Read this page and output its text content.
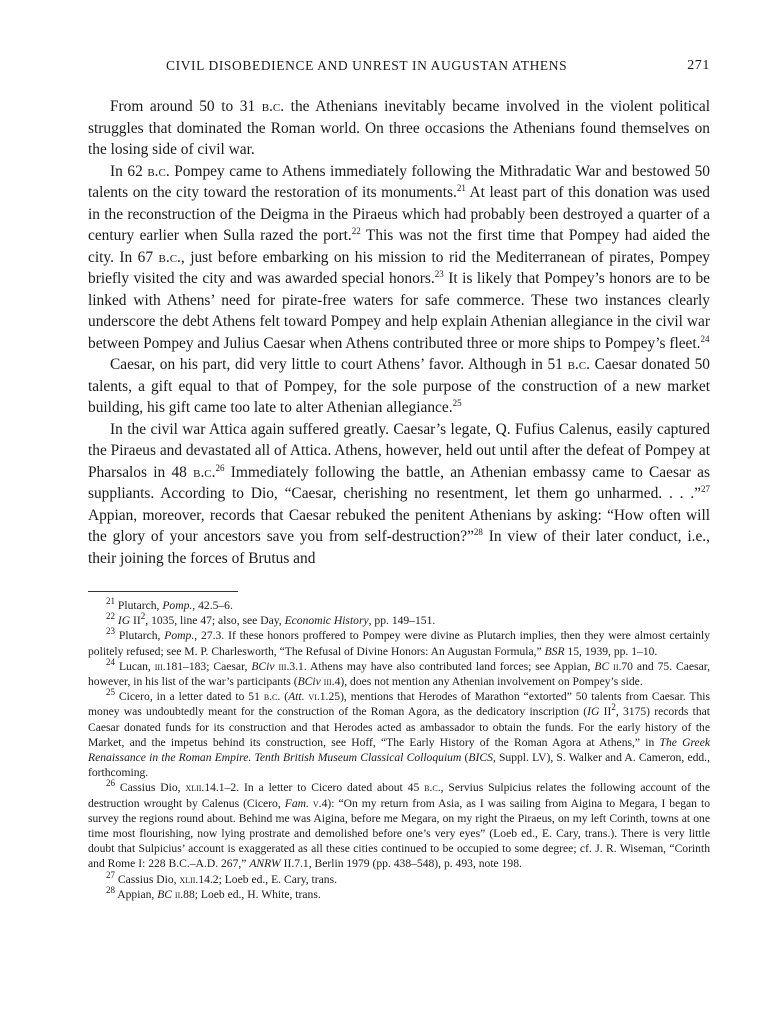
CIVIL DISOBEDIENCE AND UNREST IN AUGUSTAN ATHENS	271

From around 50 to 31 b.c. the Athenians inevitably became involved in the violent political struggles that dominated the Roman world. On three occasions the Athenians found themselves on the losing side of civil war.

In 62 b.c. Pompey came to Athens immediately following the Mithradatic War and bestowed 50 talents on the city toward the restoration of its monuments.$^{21}$ At least part of this donation was used in the reconstruction of the Deigma in the Piraeus which had probably been destroyed a quarter of a century earlier when Sulla razed the port.$^{22}$ This was not the first time that Pompey had aided the city. In 67 b.c., just before embarking on his mission to rid the Mediterranean of pirates, Pompey briefly visited the city and was awarded special honors.$^{23}$ It is likely that Pompey’s honors are to be linked with Athens’ need for pirate-free waters for safe commerce. These two instances clearly underscore the debt Athens felt toward Pompey and help explain Athenian allegiance in the civil war between Pompey and Julius Caesar when Athens contributed three or more ships to Pompey’s fleet.$^{24}$

Caesar, on his part, did very little to court Athens’ favor. Although in 51 b.c. Caesar donated 50 talents, a gift equal to that of Pompey, for the sole purpose of the construction of a new market building, his gift came too late to alter Athenian allegiance.$^{25}$

In the civil war Attica again suffered greatly. Caesar’s legate, Q. Fufius Calenus, easily captured the Piraeus and devastated all of Attica. Athens, however, held out until after the defeat of Pompey at Pharsalos in 48 b.c.$^{26}$ Immediately following the battle, an Athenian embassy came to Caesar as suppliants. According to Dio, “Caesar, cherishing no resentment, let them go unharmed. . . .”$^{27}$ Appian, moreover, records that Caesar rebuked the penitent Athenians by asking: “How often will the glory of your ancestors save you from self-destruction?”$^{28}$ In view of their later conduct, i.e., their joining the forces of Brutus and

$^{21}$ Plutarch, Pomp., 42.5–6.

$^{22}$ IG $II^2$, 1035, line 47; also, see Day, Economic History, pp. 149–151.

$^{23}$ Plutarch, Pomp., 27.3. If these honors proffered to Pompey were divine as Plutarch implies, then they were almost certainly politely refused; see M. P. Charlesworth, “The Refusal of Divine Honors: An Augustan Formula,” BSR 15, 1939, pp. 1–10.

$^{24}$ Lucan, iii.181–183; Caesar, BCiv iii.3.1. Athens may have also contributed land forces; see Appian, BC ii.70 and 75. Caesar, however, in his list of the war’s participants (BCiv iii.4), does not mention any Athenian involvement on Pompey’s side.

$^{25}$ Cicero, in a letter dated to 51 b.c. (Att. vi.1.25), mentions that Herodes of Marathon “extorted” 50 talents from Caesar. This money was undoubtedly meant for the construction of the Roman Agora, as the dedicatory inscription (IG $II^2$, 3175) records that Caesar donated funds for its construction and that Herodes acted as ambassador to obtain the funds. For the early history of the Market, and the impetus behind its construction, see Hoff, “The Early History of the Roman Agora at Athens,” in The Greek Renaissance in the Roman Empire. Tenth British Museum Classical Colloquium (BICS, Suppl. LV), S. Walker and A. Cameron, edd., forthcoming.

$^{26}$ Cassius Dio, xlii.14.1–2. In a letter to Cicero dated about 45 b.c., Servius Sulpicius relates the following account of the destruction wrought by Calenus (Cicero, Fam. v.4): “On my return from Asia, as I was sailing from Aigina to Megara, I began to survey the regions round about. Behind me was Aigina, before me Megara, on my right the Piraeus, on my left Corinth, towns at one time most flourishing, now lying prostrate and demolished before one’s very eyes” (Loeb ed., E. Cary, trans.). There is very little doubt that Sulpicius’ account is exaggerated as all these cities continued to be occupied to some degree; cf. J. R. Wiseman, “Corinth and Rome I: 228 B.C.–A.D. 267,” ANRW II.7.1, Berlin 1979 (pp. 438–548), p. 493, note 198.

$^{27}$ Cassius Dio, xlii.14.2; Loeb ed., E. Cary, trans.

$^{28}$ Appian, BC ii.88; Loeb ed., H. White, trans.
